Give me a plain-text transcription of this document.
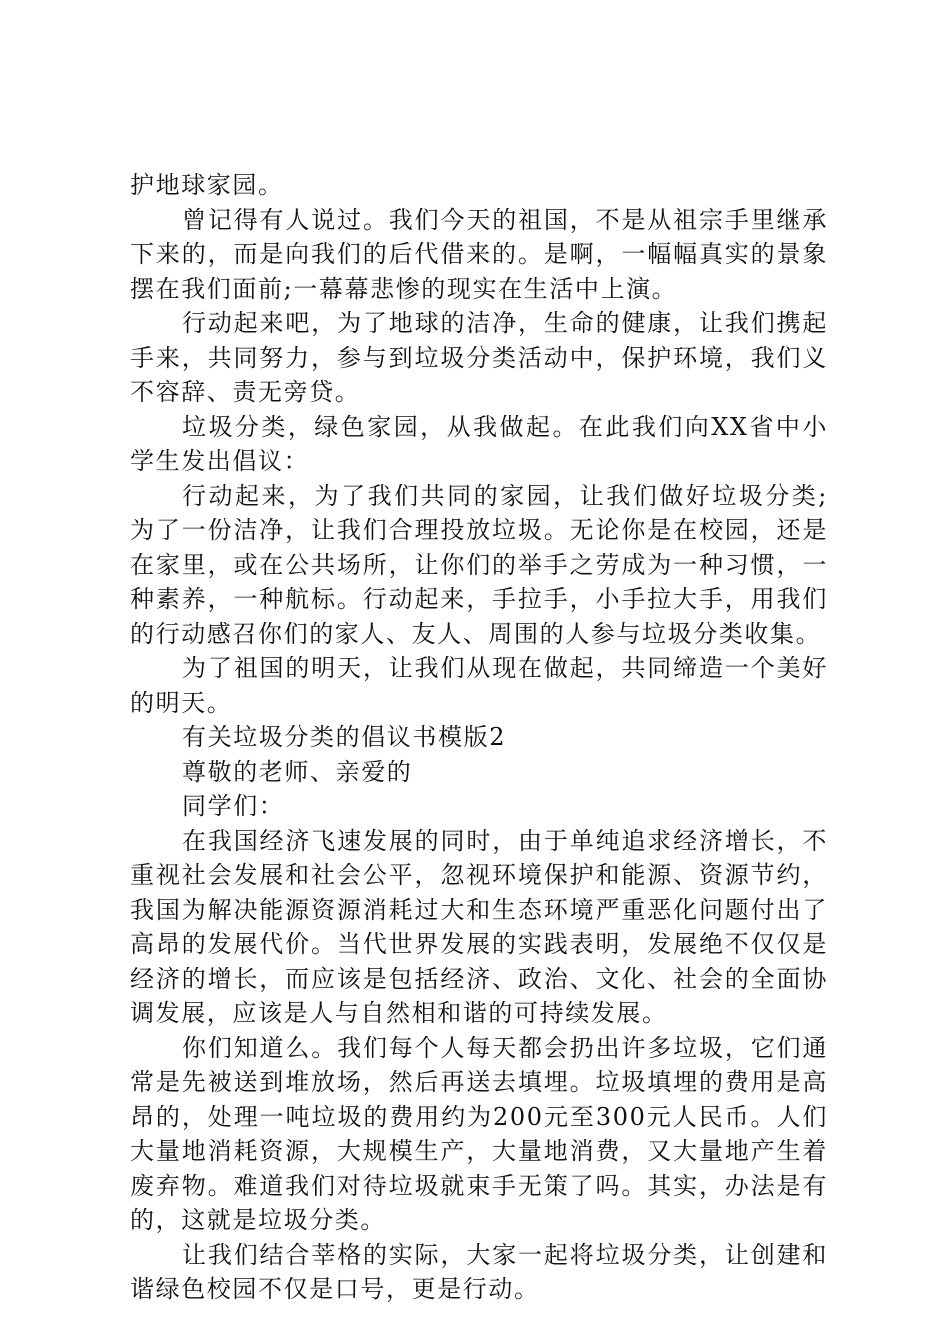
护地球家园。

曾记得有人说过。我们今天的祖国，不是从祖宗手里继承下来的，而是向我们的后代借来的。是啊，一幅幅真实的景象摆在我们面前;一幕幕悲惨的现实在生活中上演。

行动起来吧，为了地球的洁净，生命的健康，让我们携起手来，共同努力，参与到垃圾分类活动中，保护环境，我们义不容辞、责无旁贷。

垃圾分类，绿色家园，从我做起。在此我们向XX省中小学生发出倡议：

行动起来，为了我们共同的家园，让我们做好垃圾分类;为了一份洁净，让我们合理投放垃圾。无论你是在校园，还是在家里，或在公共场所，让你们的举手之劳成为一种习惯，一种素养，一种航标。行动起来，手拉手，小手拉大手，用我们的行动感召你们的家人、友人、周围的人参与垃圾分类收集。

为了祖国的明天，让我们从现在做起，共同缔造一个美好的明天。

有关垃圾分类的倡议书模版2

尊敬的老师、亲爱的

同学们：

在我国经济飞速发展的同时，由于单纯追求经济增长，不重视社会发展和社会公平，忽视环境保护和能源、资源节约，我国为解决能源资源消耗过大和生态环境严重恶化问题付出了高昂的发展代价。当代世界发展的实践表明，发展绝不仅仅是经济的增长，而应该是包括经济、政治、文化、社会的全面协调发展，应该是人与自然相和谐的可持续发展。

你们知道么。我们每个人每天都会扔出许多垃圾，它们通常是先被送到堆放场，然后再送去填埋。垃圾填埋的费用是高昂的，处理一吨垃圾的费用约为200元至300元人民币。人们大量地消耗资源，大规模生产，大量地消费，又大量地产生着废弃物。难道我们对待垃圾就束手无策了吗。其实，办法是有的，这就是垃圾分类。

让我们结合莘格的实际，大家一起将垃圾分类，让创建和谐绿色校园不仅是口号，更是行动。
